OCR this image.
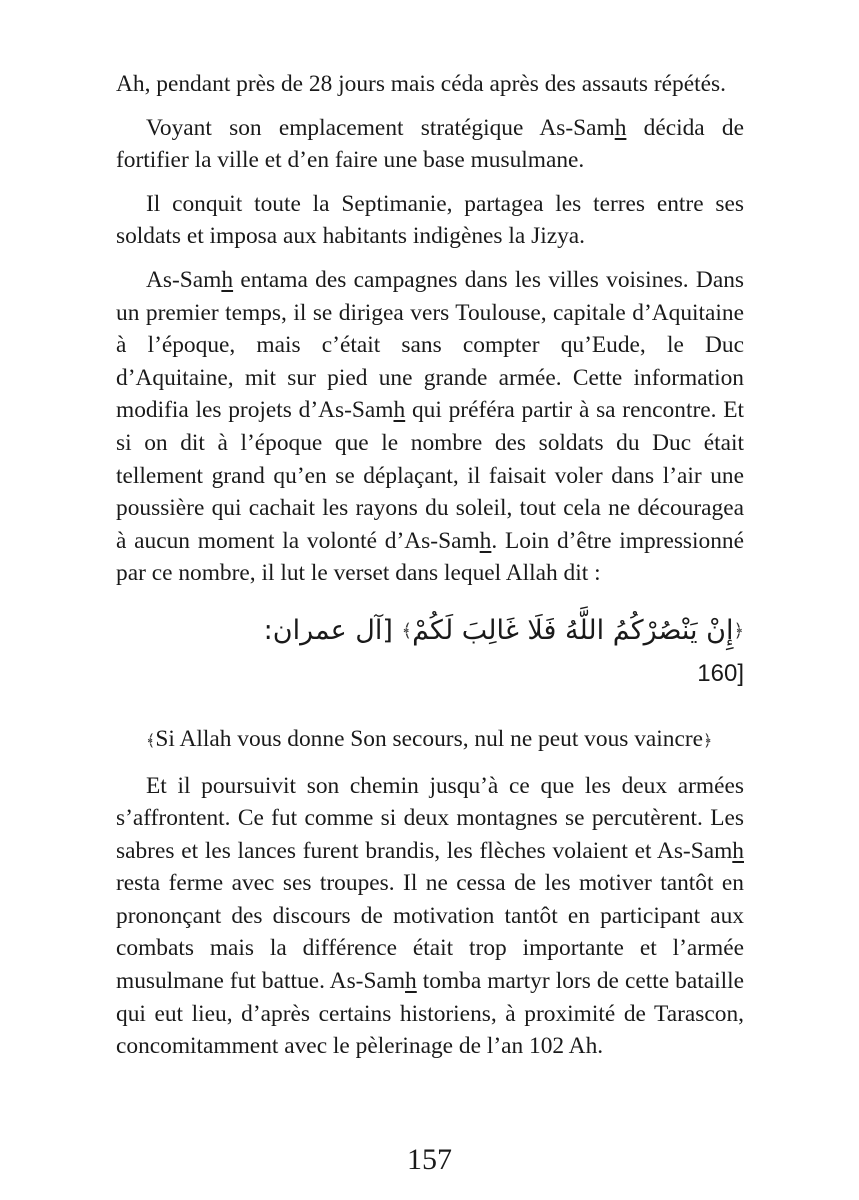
Ah, pendant près de 28 jours mais céda après des assauts répétés.

Voyant son emplacement stratégique As-Samh décida de fortifier la ville et d’en faire une base musulmane.

Il conquit toute la Septimanie, partagea les terres entre ses soldats et imposa aux habitants indigènes la Jizya.

As-Samh entama des campagnes dans les villes voisines. Dans un premier temps, il se dirigea vers Toulouse, capitale d’Aquitaine à l’époque, mais c’était sans compter qu’Eude, le Duc d’Aquitaine, mit sur pied une grande armée. Cette information modifia les projets d’As-Samh qui préféra partir à sa rencontre. Et si on dit à l’époque que le nombre des soldats du Duc était tellement grand qu’en se déplaçant, il faisait voler dans l’air une poussière qui cachait les rayons du soleil, tout cela ne découragea à aucun moment la volonté d’As-Samh. Loin d’être impressionné par ce nombre, il lut le verset dans lequel Allah dit :

﴿إِنْ يَنْصُرْكُمُ اللَّهُ فَلَا غَالِبَ لَكُمْ﴾ [آل عمران:
160]

﴾Si Allah vous donne Son secours, nul ne peut vous vaincre﴿

Et il poursuivit son chemin jusqu’à ce que les deux armées s’affrontent. Ce fut comme si deux montagnes se percutèrent. Les sabres et les lances furent brandis, les flèches volaient et As-Samh resta ferme avec ses troupes. Il ne cessa de les motiver tantôt en prononçant des discours de motivation tantôt en participant aux combats mais la différence était trop importante et l’armée musulmane fut battue. As-Samh tomba martyr lors de cette bataille qui eut lieu, d’après certains historiens, à proximité de Tarascon, concomitamment avec le pèlerinage de l’an 102 Ah.

157
